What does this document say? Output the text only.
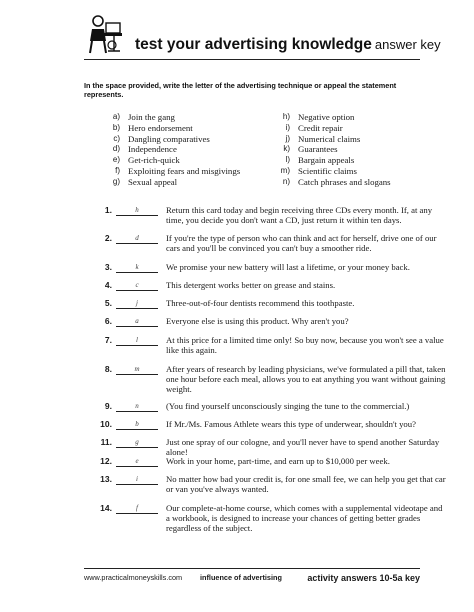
test your advertising knowledge answer key
In the space provided, write the letter of the advertising technique or appeal the statement represents.
a) Join the gang
b) Hero endorsement
c) Dangling comparatives
d) Independence
e) Get-rich-quick
f) Exploiting fears and misgivings
g) Sexual appeal
h) Negative option
i) Credit repair
j) Numerical claims
k) Guarantees
l) Bargain appeals
m) Scientific claims
n) Catch phrases and slogans
1.	h	Return this card today and begin receiving three CDs every month. If, at any time, you decide you don't want a CD, just return it within ten days.
2.	d	If you're the type of person who can think and act for herself, drive one of our cars and you'll be convinced you can't buy a smoother ride.
3.	k	We promise your new battery will last a lifetime, or your money back.
4.	c	This detergent works better on grease and stains.
5.	j	Three-out-of-four dentists recommend this toothpaste.
6.	a	Everyone else is using this product. Why aren't you?
7.	l	At this price for a limited time only! So buy now, because you won't see a value like this again.
8.	m	After years of research by leading physicians, we've formulated a pill that, taken one hour before each meal, allows you to eat anything you want without gaining weight.
9.	n	(You find yourself unconsciously singing the tune to the commercial.)
10.	b	If Mr./Ms. Famous Athlete wears this type of underwear, shouldn't you?
11.	g	Just one spray of our cologne, and you'll never have to spend another Saturday alone!
12.	e	Work in your home, part-time, and earn up to $10,000 per week.
13.	i	No matter how bad your credit is, for one small fee, we can help you get that car or van you've always wanted.
14.	f	Our complete-at-home course, which comes with a supplemental videotape and a workbook, is designed to increase your chances of getting better grades regardless of the subject.
www.practicalmoneyskills.com influence of advertising	activity answers 10-5a key
